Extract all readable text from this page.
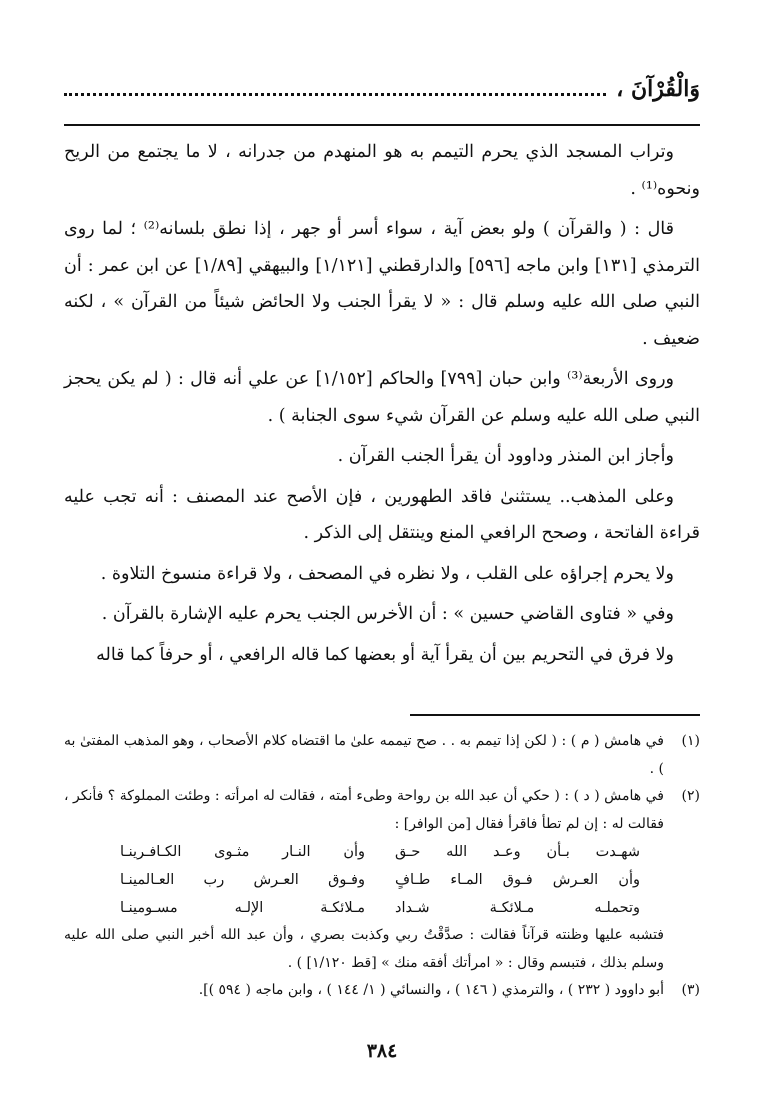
وَالْقُرْآنَ ،

وتراب المسجد الذي يحرم التيمم به هو المنهدم من جدرانه ، لا ما يجتمع من الريح ونحوه⁽¹⁾ .

قال : ( والقرآن ) ولو بعض آية ، سواء أسر أو جهر ، إذا نطق بلسانه⁽²⁾ ؛ لما روى الترمذي [١٣١] وابن ماجه [٥٩٦] والدارقطني [١/١٢١] والبيهقي [١/٨٩] عن ابن عمر : أن النبي صلى الله عليه وسلم قال : « لا يقرأ الجنب ولا الحائض شيئاً من القرآن » ، لكنه ضعيف .

وروى الأربعة⁽³⁾ وابن حبان [٧٩٩] والحاكم [١/١٥٢] عن علي أنه قال : ( لم يكن يحجز النبي صلى الله عليه وسلم عن القرآن شيء سوى الجنابة ) .

وأجاز ابن المنذر وداوود أن يقرأ الجنب القرآن .

وعلى المذهب.. يستثنىٰ فاقد الطهورين ، فإن الأصح عند المصنف : أنه تجب عليه قراءة الفاتحة ، وصحح الرافعي المنع وينتقل إلى الذكر .

ولا يحرم إجراؤه على القلب ، ولا نظره في المصحف ، ولا قراءة منسوخ التلاوة .

وفي « فتاوى القاضي حسين » : أن الأخرس الجنب يحرم عليه الإشارة بالقرآن .

ولا فرق في التحريم بين أن يقرأ آية أو بعضها كما قاله الرافعي ، أو حرفاً كما قاله

(١)
في هامش ( م ) : ( لكن إذا تيمم به . . صح تيممه علىٰ ما اقتضاه كلام الأصحاب ، وهو المذهب المفتىٰ به ) .
(٢)
في هامش ( د ) : ( حكي أن عبد الله بن رواحة وطىء أمته ، فقالت له امرأته : وطئت المملوكة ؟ فأنكر ، فقالت له : إن لم تطأ فاقرأ فقال [من الوافر] :
شهـدت بـأن وعـد الله حـق
وأن النـار مثـوى الكـافـرينـا
وأن العـرش فـوق المـاء طـافٍ
وفـوق العـرش رب العـالمينـا
وتحملـه مـلائكـة شـداد
مـلائكـة الإلـه مسـومينـا
فتشبه عليها وظنته قرآناً فقالت : صدَّقْتُ ربي وكذبت بصري ، وأن عبد الله أخبر النبي صلى الله عليه وسلم بذلك ، فتبسم وقال : « امرأتك أفقه منك » [قط ١/١٢٠] ) .
(٣)
أبو داوود ( ٢٣٢ ) ، والترمذي ( ١٤٦ ) ، والنسائي ( ١/ ١٤٤ ) ، وابن ماجه ( ٥٩٤ )].
٣٨٤
